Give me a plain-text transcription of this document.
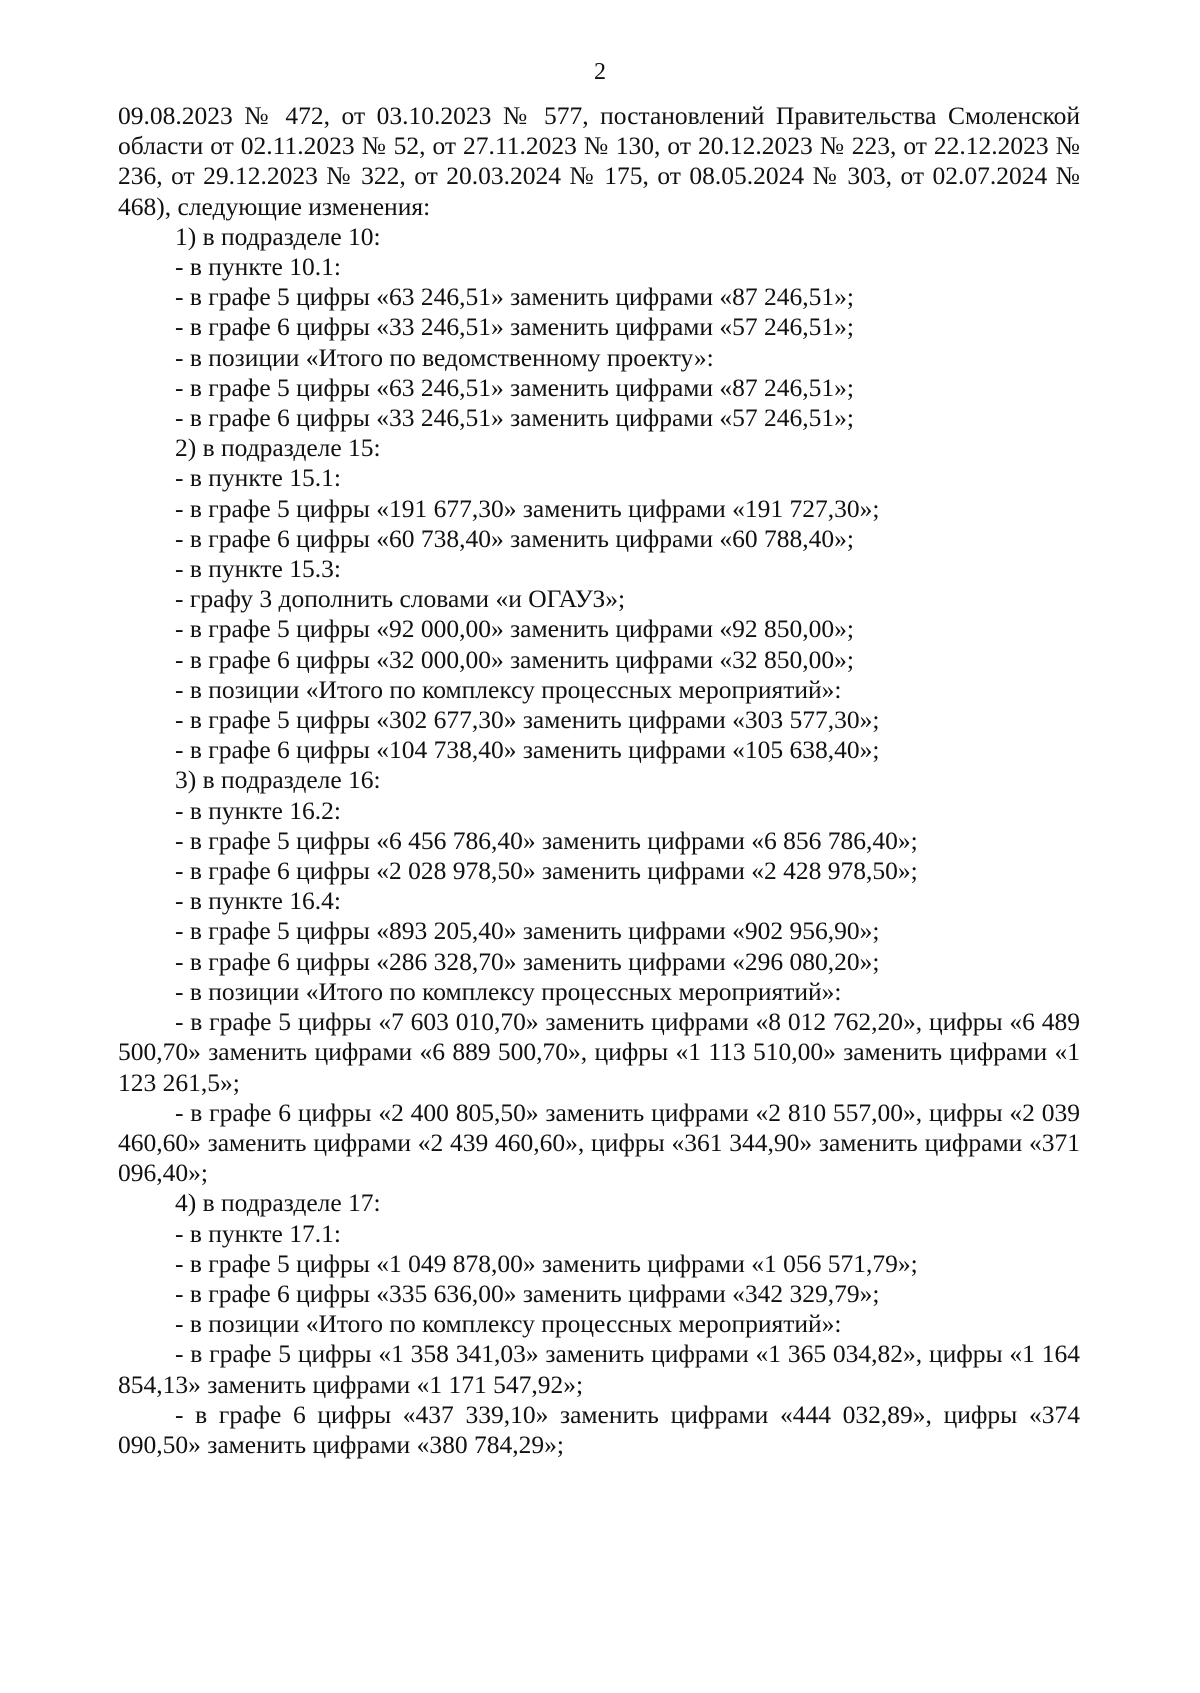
2

09.08.2023 № 472, от 03.10.2023 № 577, постановлений Правительства Смоленской области от 02.11.2023 № 52, от 27.11.2023 № 130, от 20.12.2023 № 223, от 22.12.2023 № 236, от 29.12.2023 № 322, от 20.03.2024 № 175, от 08.05.2024 № 303, от 02.07.2024 № 468), следующие изменения:

1) в подразделе 10:

- в пункте 10.1:

- в графе 5 цифры «63 246,51» заменить цифрами «87 246,51»;

- в графе 6 цифры «33 246,51» заменить цифрами «57 246,51»;

- в позиции «Итого по ведомственному проекту»:

- в графе 5 цифры «63 246,51» заменить цифрами «87 246,51»;

- в графе 6 цифры «33 246,51» заменить цифрами «57 246,51»;

2) в подразделе 15:

- в пункте 15.1:

- в графе 5 цифры «191 677,30» заменить цифрами «191 727,30»;

- в графе 6 цифры «60 738,40» заменить цифрами «60 788,40»;

- в пункте 15.3:

- графу 3 дополнить словами «и ОГАУЗ»;

- в графе 5 цифры «92 000,00» заменить цифрами «92 850,00»;

- в графе 6 цифры «32 000,00» заменить цифрами «32 850,00»;

- в позиции «Итого по комплексу процессных мероприятий»:

- в графе 5 цифры «302 677,30» заменить цифрами «303 577,30»;

- в графе 6 цифры «104 738,40» заменить цифрами «105 638,40»;

3) в подразделе 16:

- в пункте 16.2:

- в графе 5 цифры «6 456 786,40» заменить цифрами «6 856 786,40»;

- в графе 6 цифры «2 028 978,50» заменить цифрами «2 428 978,50»;

- в пункте 16.4:

- в графе 5 цифры «893 205,40» заменить цифрами «902 956,90»;

- в графе 6 цифры «286 328,70» заменить цифрами «296 080,20»;

- в позиции «Итого по комплексу процессных мероприятий»:

- в графе 5 цифры «7 603 010,70» заменить цифрами «8 012 762,20», цифры «6 489 500,70» заменить цифрами «6 889 500,70», цифры «1 113 510,00» заменить цифрами «1 123 261,5»;

- в графе 6 цифры «2 400 805,50» заменить цифрами «2 810 557,00», цифры «2 039 460,60» заменить цифрами «2 439 460,60», цифры «361 344,90» заменить цифрами «371 096,40»;

4) в подразделе 17:

- в пункте 17.1:

- в графе 5 цифры «1 049 878,00» заменить цифрами «1 056 571,79»;

- в графе 6 цифры «335 636,00» заменить цифрами «342 329,79»;

- в позиции «Итого по комплексу процессных мероприятий»:

- в графе 5 цифры «1 358 341,03» заменить цифрами «1 365 034,82», цифры «1 164 854,13» заменить цифрами «1 171 547,92»;

- в графе 6 цифры «437 339,10» заменить цифрами «444 032,89», цифры «374 090,50» заменить цифрами «380 784,29»;
